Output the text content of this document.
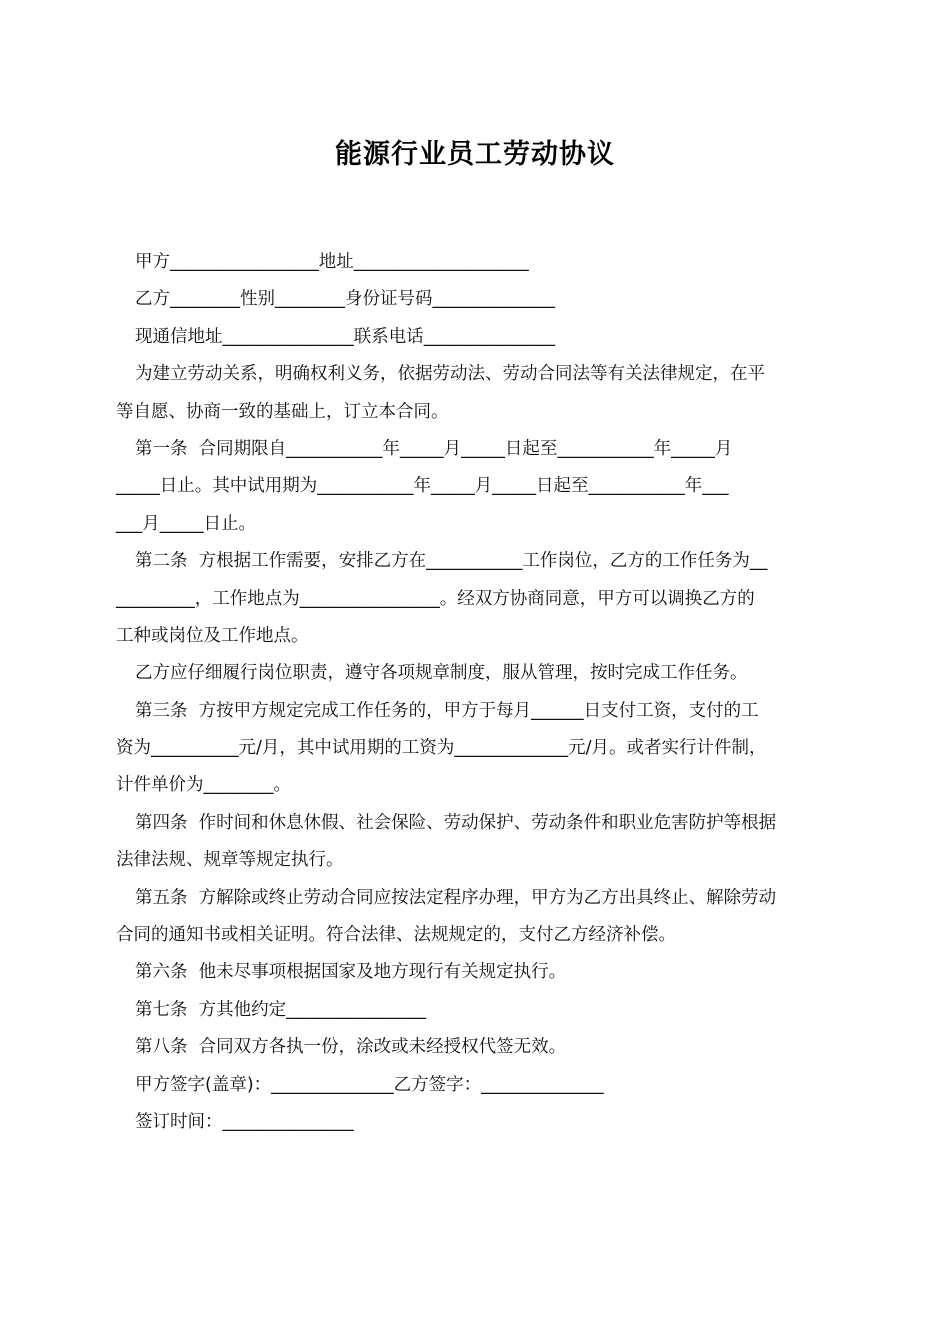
能源行业员工劳动协议
甲方_________________地址____________________
乙方________性别________身份证号码______________
现通信地址_______________联系电话_______________
为建立劳动关系，明确权利义务，依据劳动法、劳动合同法等有关法律规定，在平
等自愿、协商一致的基础上，订立本合同。
第一条  合同期限自___________年_____月_____日起至___________年_____月
_____日止。其中试用期为___________年_____月_____日起至___________年___
___月_____日止。
第二条  方根据工作需要，安排乙方在___________工作岗位，乙方的工作任务为__
_________，工作地点为________________。经双方协商同意，甲方可以调换乙方的
工种或岗位及工作地点。
乙方应仔细履行岗位职责，遵守各项规章制度，服从管理，按时完成工作任务。
第三条  方按甲方规定完成工作任务的，甲方于每月______日支付工资，支付的工
资为__________元/月，其中试用期的工资为_____________元/月。或者实行计件制，
计件单价为________。
第四条  作时间和休息休假、社会保险、劳动保护、劳动条件和职业危害防护等根据
法律法规、规章等规定执行。
第五条  方解除或终止劳动合同应按法定程序办理，甲方为乙方出具终止、解除劳动
合同的通知书或相关证明。符合法律、法规规定的，支付乙方经济补偿。
第六条  他未尽事项根据国家及地方现行有关规定执行。
第七条  方其他约定________________
第八条  合同双方各执一份，涂改或未经授权代签无效。
甲方签字(盖章)：______________乙方签字：______________
签订时间：_______________
